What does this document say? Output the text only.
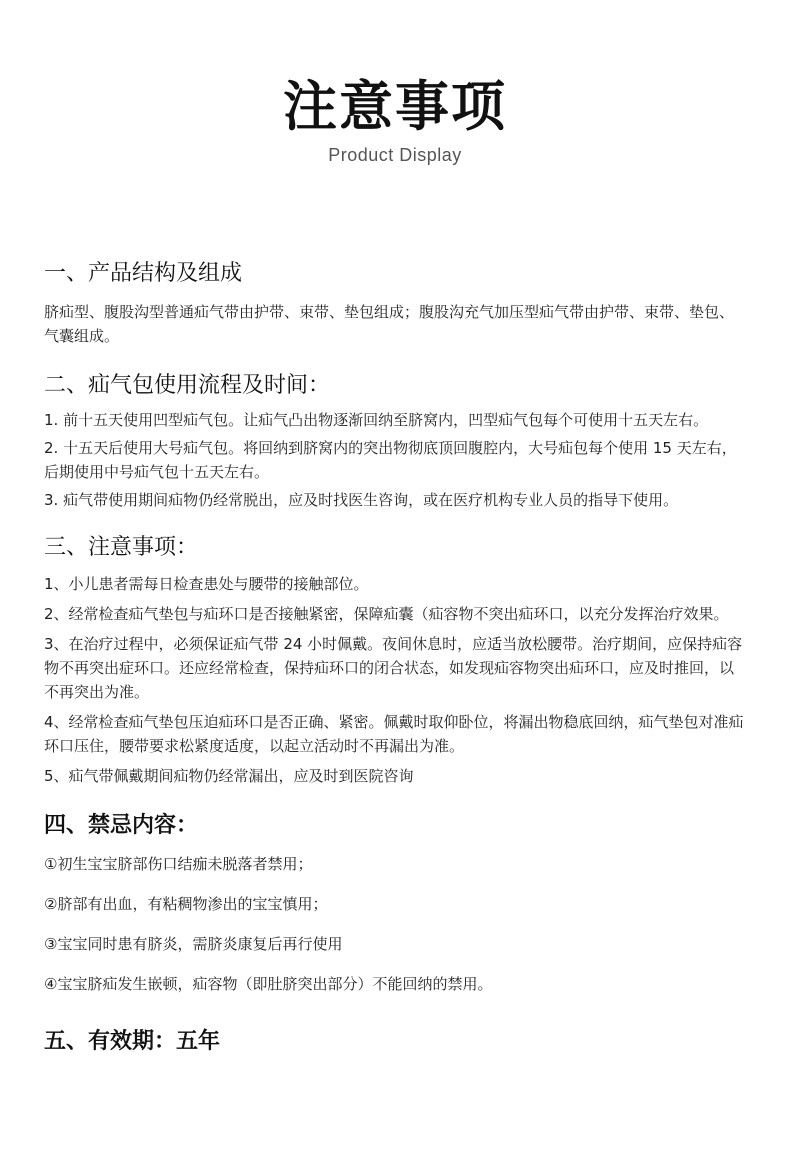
注意事项
Product Display
一、产品结构及组成
脐疝型、腹股沟型普通疝气带由护带、束带、垫包组成；腹股沟充气加压型疝气带由护带、束带、垫包、气囊组成。
二、疝气包使用流程及时间：
1. 前十五天使用凹型疝气包。让疝气凸出物逐渐回纳至脐窝内，凹型疝气包每个可使用十五天左右。
2. 十五天后使用大号疝气包。将回纳到脐窝内的突出物彻底顶回腹腔内，大号疝包每个使用 15 天左右，后期使用中号疝气包十五天左右。
3. 疝气带使用期间疝物仍经常脱出，应及时找医生咨询，或在医疗机构专业人员的指导下使用。
三、注意事项：
1、小儿患者需每日检查患处与腰带的接触部位。
2、经常检查疝气垫包与疝环口是否接触紧密，保障疝囊（疝容物不突出疝环口，以充分发挥治疗效果。
3、在治疗过程中，必须保证疝气带 24 小时佩戴。夜间休息时，应适当放松腰带。治疗期间，应保持疝容物不再突出症环口。还应经常检查，保持疝环口的闭合状态，如发现疝容物突出疝环口，应及时推回，以不再突出为准。
4、经常检查疝气垫包压迫疝环口是否正确、紧密。佩戴时取仰卧位，将漏出物稳底回纳，疝气垫包对准疝环口压住，腰带要求松紧度适度，以起立活动时不再漏出为准。
5、疝气带佩戴期间疝物仍经常漏出，应及时到医院咨询
四、禁忌内容：
①初生宝宝脐部伤口结痂未脱落者禁用；
②脐部有出血，有粘稠物渗出的宝宝慎用；
③宝宝同时患有脐炎，需脐炎康复后再行使用
④宝宝脐疝发生嵌顿，疝容物（即肚脐突出部分）不能回纳的禁用。
五、有效期：五年
